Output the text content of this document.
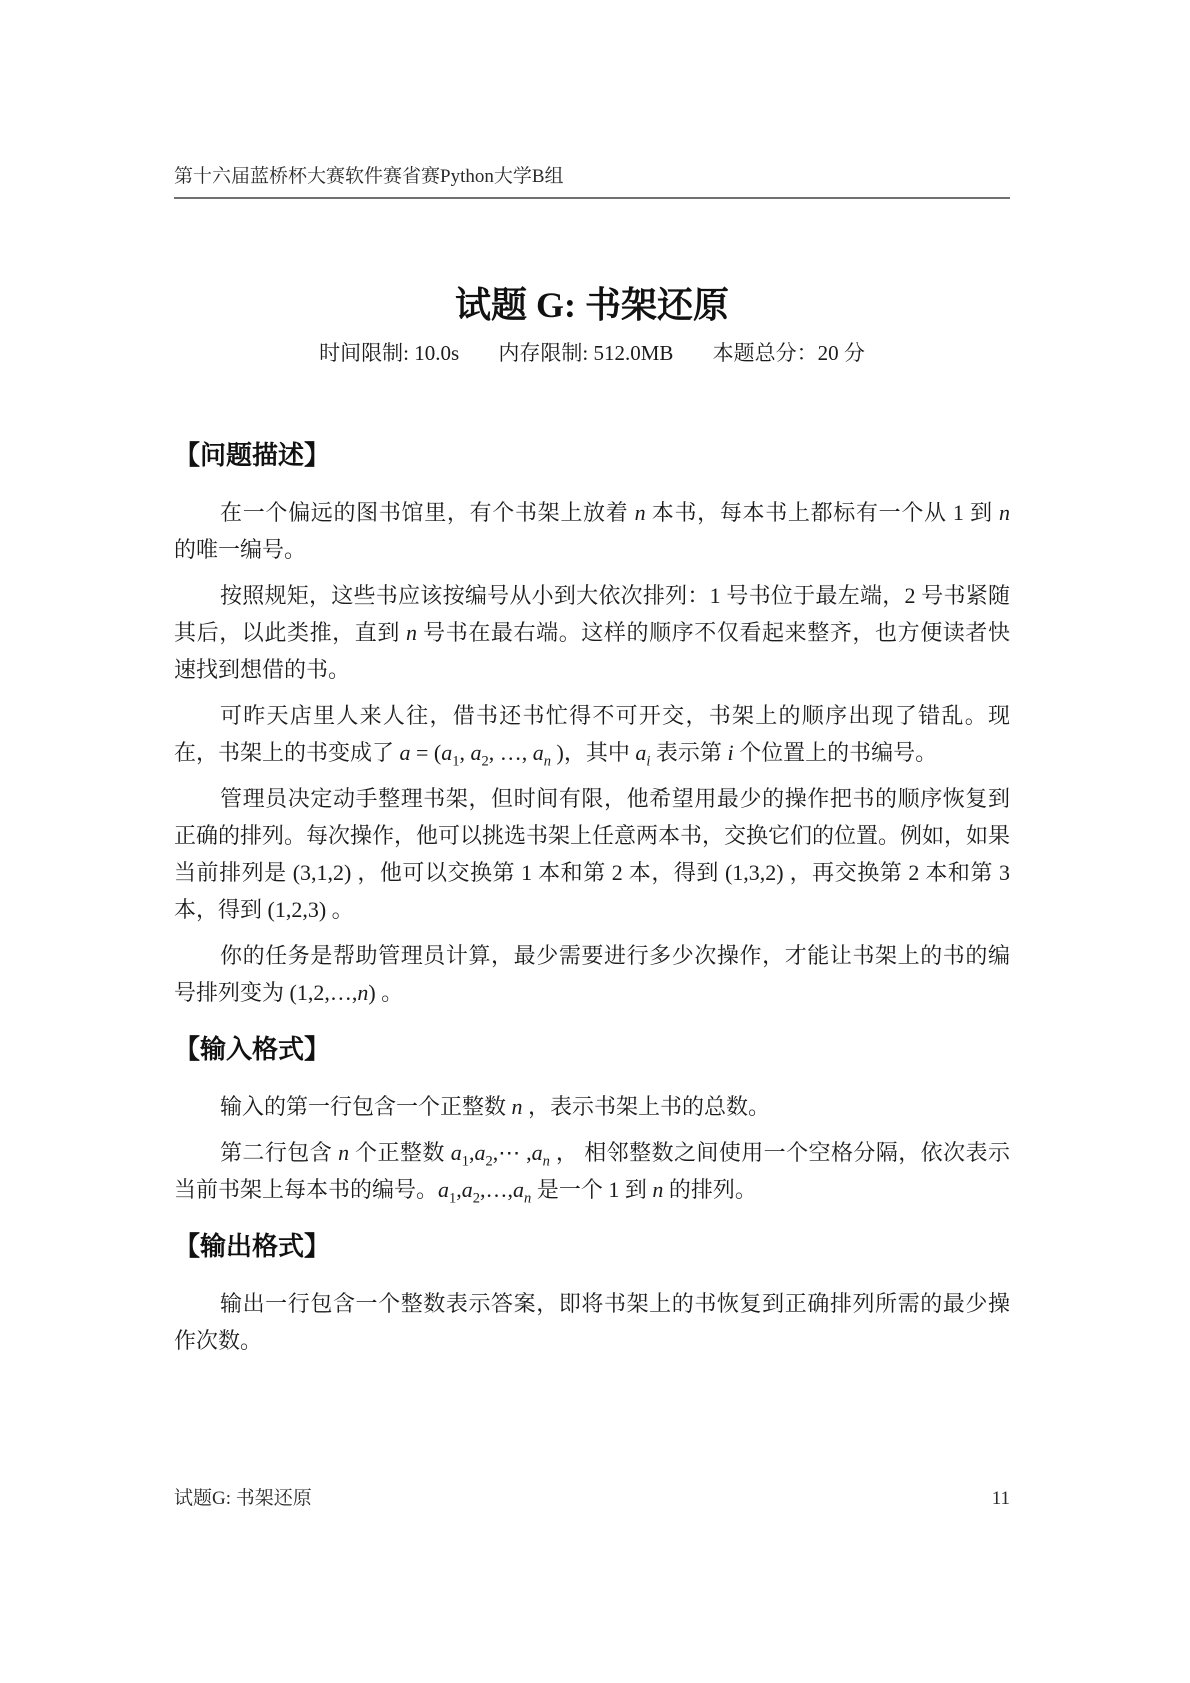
第十六届蓝桥杯大赛软件赛省赛Python大学B组
试题 G: 书架还原
时间限制: 10.0s 内存限制: 512.0MB 本题总分：20 分
【问题描述】

在一个偏远的图书馆里，有个书架上放着 n 本书，每本书上都标有一个从 1 到 n 的唯一编号。

按照规矩，这些书应该按编号从小到大依次排列：1 号书位于最左端，2 号书紧随其后，以此类推，直到 n 号书在最右端。这样的顺序不仅看起来整齐，也方便读者快速找到想借的书。

可昨天店里人来人往，借书还书忙得不可开交，书架上的顺序出现了错乱。现在，书架上的书变成了 $a = (a_1$, $a_2$, …, $a_n$ )，其中 $a_i$ 表示第 i 个位置上的书编号。

管理员决定动手整理书架，但时间有限，他希望用最少的操作把书的顺序恢复到正确的排列。每次操作，他可以挑选书架上任意两本书，交换它们的位置。例如，如果当前排列是 (3,1,2) ，他可以交换第 1 本和第 2 本，得到 (1,3,2) ，再交换第 2 本和第 3 本，得到 (1,2,3) 。

你的任务是帮助管理员计算，最少需要进行多少次操作，才能让书架上的书的编号排列变为 (1,2,…,n) 。

【输入格式】

输入的第一行包含一个正整数 n ，表示书架上书的总数。

第二行包含 n 个正整数 $a_1,a_2,\cdots$ $,a_n$ ， 相邻整数之间使用一个空格分隔，依次表示当前书架上每本书的编号。$a_1,a_2,\dots,a_n$ 是一个 1 到 n 的排列。

【输出格式】

输出一行包含一个整数表示答案，即将书架上的书恢复到正确排列所需的最少操作次数。

试题G: 书架还原	11
